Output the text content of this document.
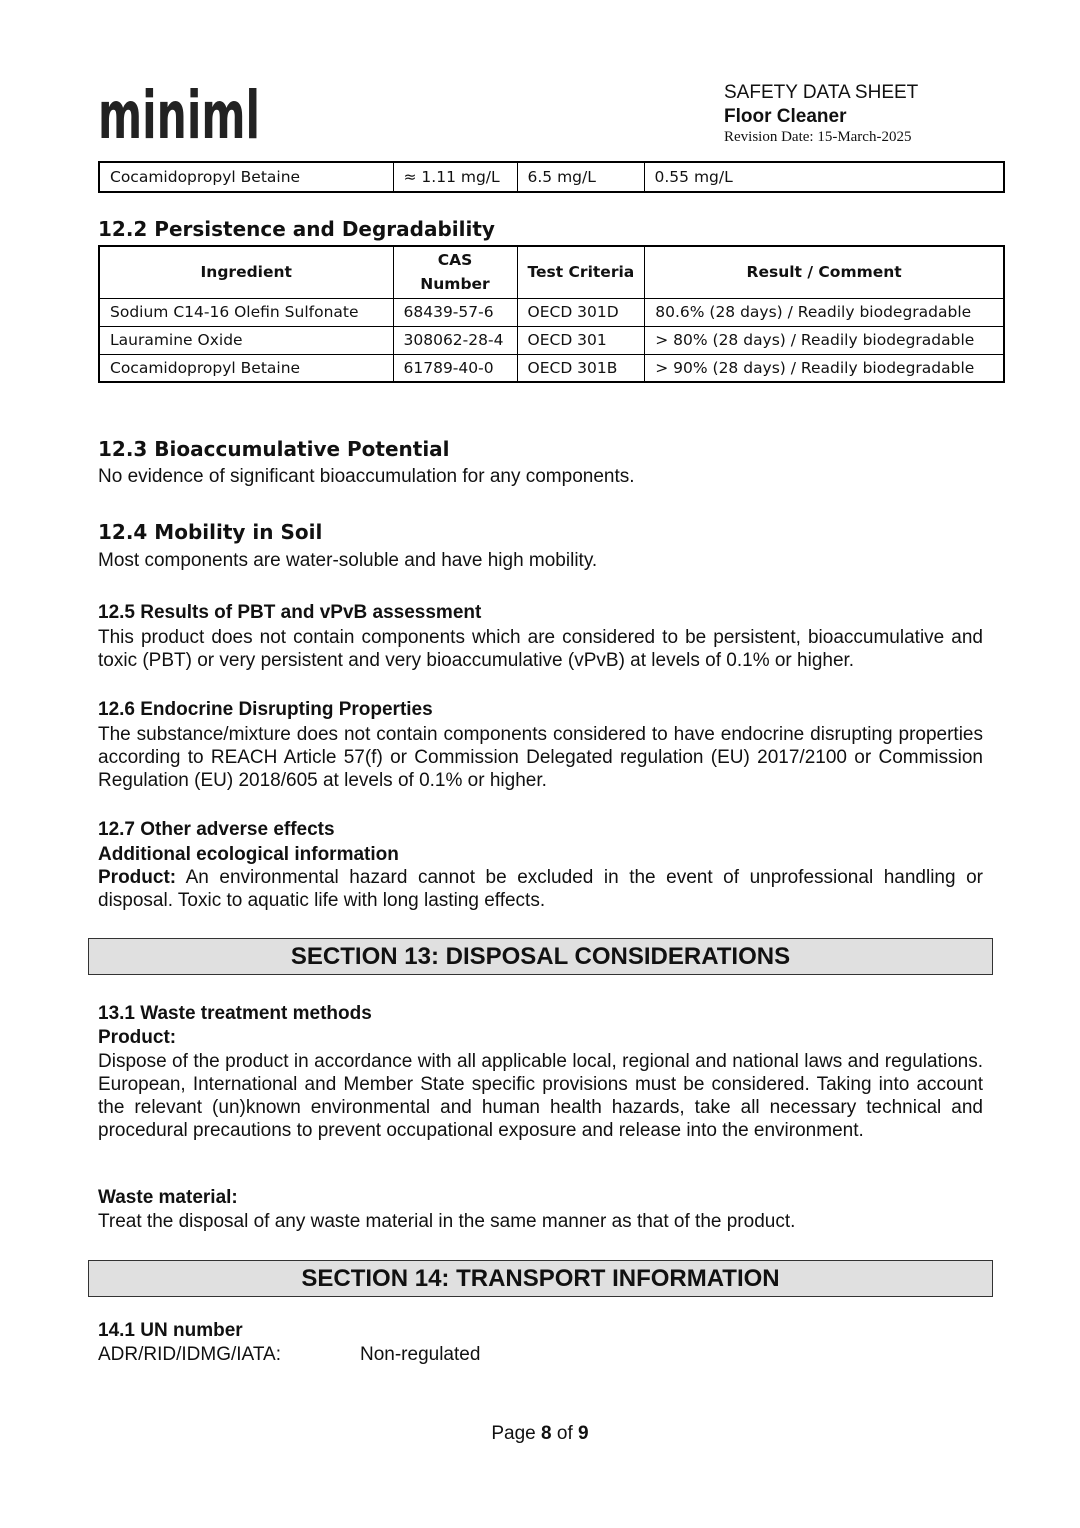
miniml	SAFETY DATA SHEET
Floor Cleaner
Revision Date: 15-March-2025
Cocamidopropyl Betaine	≈ 1.11 mg/L	6.5 mg/L	0.55 mg/L
12.2 Persistence and Degradability
Ingredient	CAS Number	Test Criteria	Result / Comment
Sodium C14-16 Olefin Sulfonate	68439-57-6	OECD 301D	80.6% (28 days) / Readily biodegradable
Lauramine Oxide	308062-28-4	OECD 301	> 80% (28 days) / Readily biodegradable
Cocamidopropyl Betaine	61789-40-0	OECD 301B	> 90% (28 days) / Readily biodegradable
12.3 Bioaccumulative Potential
No evidence of significant bioaccumulation for any components.
12.4 Mobility in Soil
Most components are water-soluble and have high mobility.
12.5 Results of PBT and vPvB assessment
This product does not contain components which are considered to be persistent, bioaccumulative and toxic (PBT) or very persistent and very bioaccumulative (vPvB) at levels of 0.1% or higher.
12.6 Endocrine Disrupting Properties
The substance/mixture does not contain components considered to have endocrine disrupting properties according to REACH Article 57(f) or Commission Delegated regulation (EU) 2017/2100 or Commission Regulation (EU) 2018/605 at levels of 0.1% or higher.
12.7 Other adverse effects
Additional ecological information
Product: An environmental hazard cannot be excluded in the event of unprofessional handling or disposal. Toxic to aquatic life with long lasting effects.
SECTION 13: DISPOSAL CONSIDERATIONS
13.1 Waste treatment methods
Product:
Dispose of the product in accordance with all applicable local, regional and national laws and regulations. European, International and Member State specific provisions must be considered. Taking into account the relevant (un)known environmental and human health hazards, take all necessary technical and procedural precautions to prevent occupational exposure and release into the environment.
Waste material:
Treat the disposal of any waste material in the same manner as that of the product.
SECTION 14: TRANSPORT INFORMATION
14.1 UN number
ADR/RID/IDMG/IATA:	Non-regulated
Page 8 of 9
